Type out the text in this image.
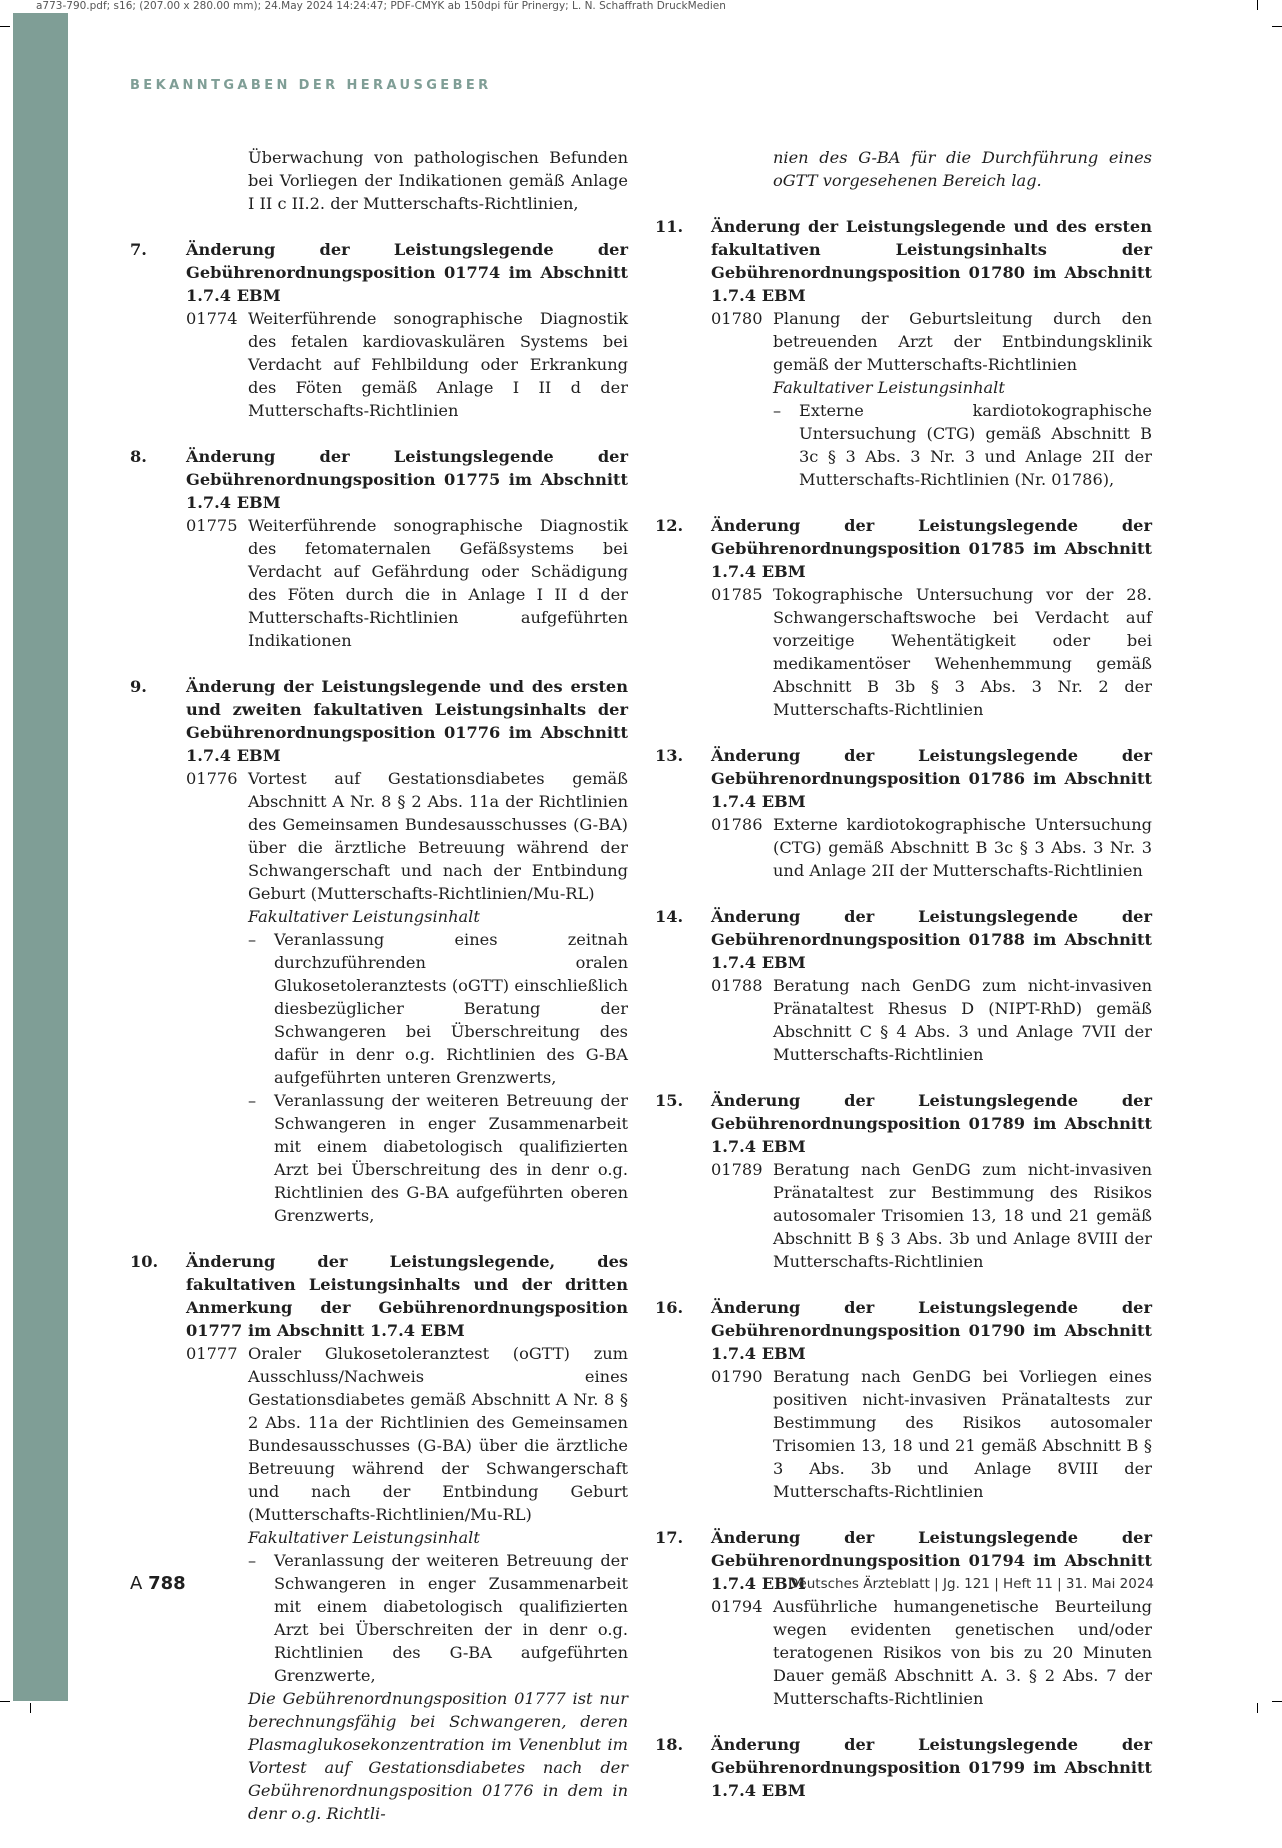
a773-790.pdf; s16; (207.00 x 280.00 mm); 24.May 2024 14:24:47; PDF-CMYK ab 150dpi für Prinergy; L. N. Schaffrath DruckMedien
BEKANNTGABEN DER HERAUSGEBER
Überwachung von pathologischen Befunden bei Vorliegen der Indikationen gemäß Anlage I II c II.2. der Mutterschafts-Richtlinien,
7.	Änderung der Leistungslegende der Gebührenordnungsposition 01774 im Abschnitt 1.7.4 EBM
01774 Weiterführende sonographische Diagnostik des fetalen kardiovaskulären Systems bei Verdacht auf Fehlbildung oder Erkrankung des Föten gemäß Anlage I II d der Mutterschafts-Richtlinien
8.	Änderung der Leistungslegende der Gebührenordnungsposition 01775 im Abschnitt 1.7.4 EBM
01775 Weiterführende sonographische Diagnostik des fetomaternalen Gefäßsystems bei Verdacht auf Gefährdung oder Schädigung des Föten durch die in Anlage I II d der Mutterschafts-Richtlinien aufgeführten Indikationen
9.	Änderung der Leistungslegende und des ersten und zweiten fakultativen Leistungsinhalts der Gebührenordnungsposition 01776 im Abschnitt 1.7.4 EBM
01776 Vortest auf Gestationsdiabetes gemäß Abschnitt A Nr. 8 § 2 Abs. 11a der Richtlinien des Gemeinsamen Bundesausschusses (G-BA) über die ärztliche Betreuung während der Schwangerschaft und nach der Entbindung Geburt (Mutterschafts-Richtlinien/Mu-RL)
Fakultativer Leistungsinhalt
–	Veranlassung eines zeitnah durchzuführenden oralen Glukosetoleranztests (oGTT) einschließlich diesbezüglicher Beratung der Schwangeren bei Überschreitung des dafür in denr o.g. Richtlinien des G-BA aufgeführten unteren Grenzwerts,
–	Veranlassung der weiteren Betreuung der Schwangeren in enger Zusammenarbeit mit einem diabetologisch qualifizierten Arzt bei Überschreitung des in denr o.g. Richtlinien des G-BA aufgeführten oberen Grenzwerts,
10.	Änderung der Leistungslegende, des fakultativen Leistungsinhalts und der dritten Anmerkung der Gebührenordnungsposition 01777 im Abschnitt 1.7.4 EBM
01777 Oraler Glukosetoleranztest (oGTT) zum Ausschluss/Nachweis eines Gestationsdiabetes gemäß Abschnitt A Nr. 8 § 2 Abs. 11a der Richtlinien des Gemeinsamen Bundesausschusses (G-BA) über die ärztliche Betreuung während der Schwangerschaft und nach der Entbindung Geburt (Mutterschafts-Richtlinien/Mu-RL)
Fakultativer Leistungsinhalt
–	Veranlassung der weiteren Betreuung der Schwangeren in enger Zusammenarbeit mit einem diabetologisch qualifizierten Arzt bei Überschreiten der in denr o.g. Richtlinien des G-BA aufgeführten Grenzwerte,
Die Gebührenordnungsposition 01777 ist nur berechnungsfähig bei Schwangeren, deren Plasmaglukosekonzentration im Venenblut im Vortest auf Gestationsdiabetes nach der Gebührenordnungsposition 01776 in dem in denr o.g. Richtli-
nien des G-BA für die Durchführung eines oGTT vorgesehenen Bereich lag.
11.	Änderung der Leistungslegende und des ersten fakultativen Leistungsinhalts der Gebührenordnungsposition 01780 im Abschnitt 1.7.4 EBM
01780 Planung der Geburtsleitung durch den betreuenden Arzt der Entbindungsklinik gemäß der Mutterschafts-Richtlinien
Fakultativer Leistungsinhalt
–	Externe kardiotokographische Untersuchung (CTG) gemäß Abschnitt B 3c § 3 Abs. 3 Nr. 3 und Anlage 2II der Mutterschafts-Richtlinien (Nr. 01786),
12.	Änderung der Leistungslegende der Gebührenordnungsposition 01785 im Abschnitt 1.7.4 EBM
01785 Tokographische Untersuchung vor der 28. Schwangerschaftswoche bei Verdacht auf vorzeitige Wehentätigkeit oder bei medikamentöser Wehenhemmung gemäß Abschnitt B 3b § 3 Abs. 3 Nr. 2 der Mutterschafts-Richtlinien
13.	Änderung der Leistungslegende der Gebührenordnungsposition 01786 im Abschnitt 1.7.4 EBM
01786 Externe kardiotokographische Untersuchung (CTG) gemäß Abschnitt B 3c § 3 Abs. 3 Nr. 3 und Anlage 2II der Mutterschafts-Richtlinien
14.	Änderung der Leistungslegende der Gebührenordnungsposition 01788 im Abschnitt 1.7.4 EBM
01788 Beratung nach GenDG zum nicht-invasiven Pränataltest Rhesus D (NIPT-RhD) gemäß Abschnitt C § 4 Abs. 3 und Anlage 7VII der Mutterschafts-Richtlinien
15.	Änderung der Leistungslegende der Gebührenordnungsposition 01789 im Abschnitt 1.7.4 EBM
01789 Beratung nach GenDG zum nicht-invasiven Pränataltest zur Bestimmung des Risikos autosomaler Trisomien 13, 18 und 21 gemäß Abschnitt B § 3 Abs. 3b und Anlage 8VIII der Mutterschafts-Richtlinien
16.	Änderung der Leistungslegende der Gebührenordnungsposition 01790 im Abschnitt 1.7.4 EBM
01790 Beratung nach GenDG bei Vorliegen eines positiven nicht-invasiven Pränataltests zur Bestimmung des Risikos autosomaler Trisomien 13, 18 und 21 gemäß Abschnitt B § 3 Abs. 3b und Anlage 8VIII der Mutterschafts-Richtlinien
17.	Änderung der Leistungslegende der Gebührenordnungsposition 01794 im Abschnitt 1.7.4 EBM
01794 Ausführliche humangenetische Beurteilung wegen evidenten genetischen und/oder teratogenen Risikos von bis zu 20 Minuten Dauer gemäß Abschnitt A. 3. § 2 Abs. 7 der Mutterschafts-Richtlinien
18.	Änderung der Leistungslegende der Gebührenordnungsposition 01799 im Abschnitt 1.7.4 EBM
A 788	Deutsches Ärzteblatt | Jg. 121 | Heft 11 | 31. Mai 2024
